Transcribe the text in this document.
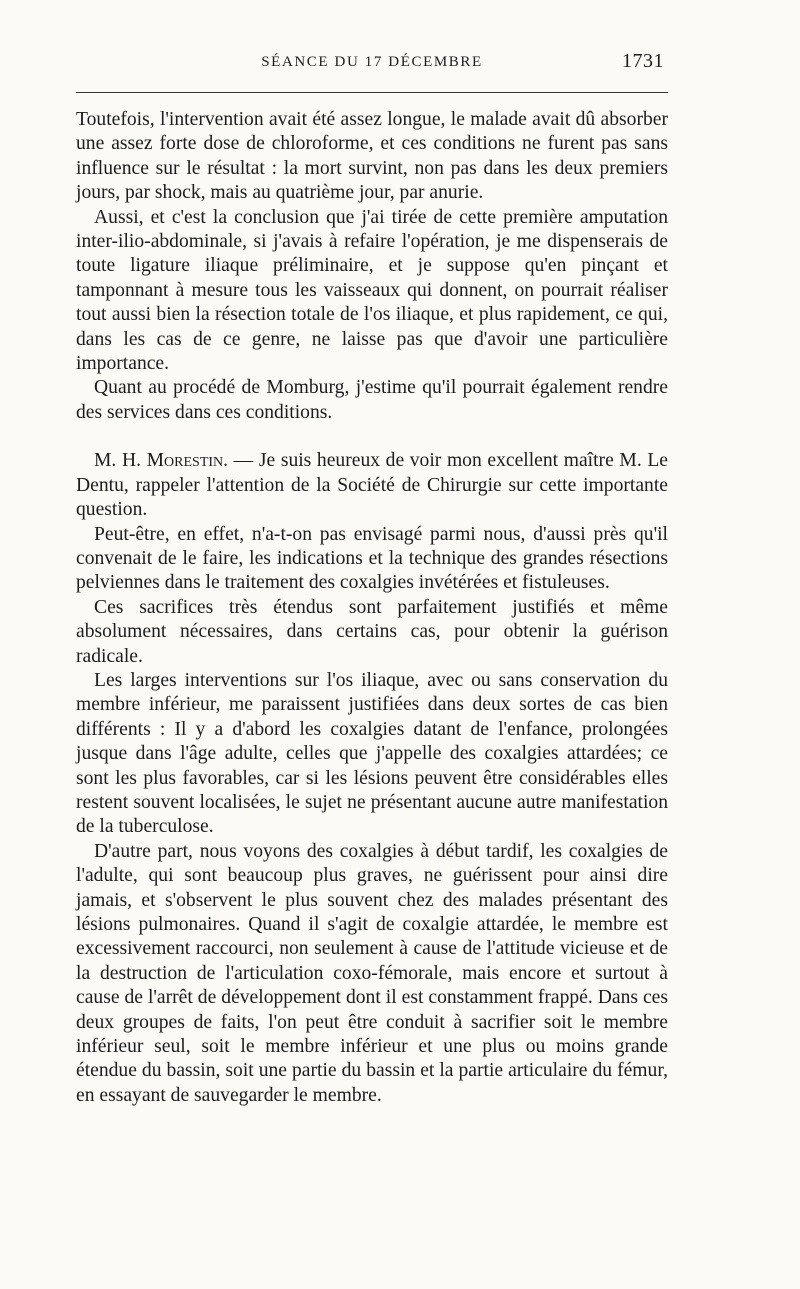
SÉANCE DU 17 DÉCEMBRE	1731

Toutefois, l'intervention avait été assez longue, le malade avait dû absorber une assez forte dose de chloroforme, et ces conditions ne furent pas sans influence sur le résultat : la mort survint, non pas dans les deux premiers jours, par shock, mais au quatrième jour, par anurie.

Aussi, et c'est la conclusion que j'ai tirée de cette première amputation inter-ilio-abdominale, si j'avais à refaire l'opération, je me dispenserais de toute ligature iliaque préliminaire, et je suppose qu'en pinçant et tamponnant à mesure tous les vaisseaux qui donnent, on pourrait réaliser tout aussi bien la résection totale de l'os iliaque, et plus rapidement, ce qui, dans les cas de ce genre, ne laisse pas que d'avoir une particulière importance.

Quant au procédé de Momburg, j'estime qu'il pourrait également rendre des services dans ces conditions.

M. H. Morestin. — Je suis heureux de voir mon excellent maître M. Le Dentu, rappeler l'attention de la Société de Chirurgie sur cette importante question.

Peut-être, en effet, n'a-t-on pas envisagé parmi nous, d'aussi près qu'il convenait de le faire, les indications et la technique des grandes résections pelviennes dans le traitement des coxalgies invétérées et fistuleuses.

Ces sacrifices très étendus sont parfaitement justifiés et même absolument nécessaires, dans certains cas, pour obtenir la guérison radicale.

Les larges interventions sur l'os iliaque, avec ou sans conservation du membre inférieur, me paraissent justifiées dans deux sortes de cas bien différents : Il y a d'abord les coxalgies datant de l'enfance, prolongées jusque dans l'âge adulte, celles que j'appelle des coxalgies attardées; ce sont les plus favorables, car si les lésions peuvent être considérables elles restent souvent localisées, le sujet ne présentant aucune autre manifestation de la tuberculose.

D'autre part, nous voyons des coxalgies à début tardif, les coxalgies de l'adulte, qui sont beaucoup plus graves, ne guérissent pour ainsi dire jamais, et s'observent le plus souvent chez des malades présentant des lésions pulmonaires. Quand il s'agit de coxalgie attardée, le membre est excessivement raccourci, non seulement à cause de l'attitude vicieuse et de la destruction de l'articulation coxo-fémorale, mais encore et surtout à cause de l'arrêt de développement dont il est constamment frappé. Dans ces deux groupes de faits, l'on peut être conduit à sacrifier soit le membre inférieur seul, soit le membre inférieur et une plus ou moins grande étendue du bassin, soit une partie du bassin et la partie articulaire du fémur, en essayant de sauvegarder le membre.
